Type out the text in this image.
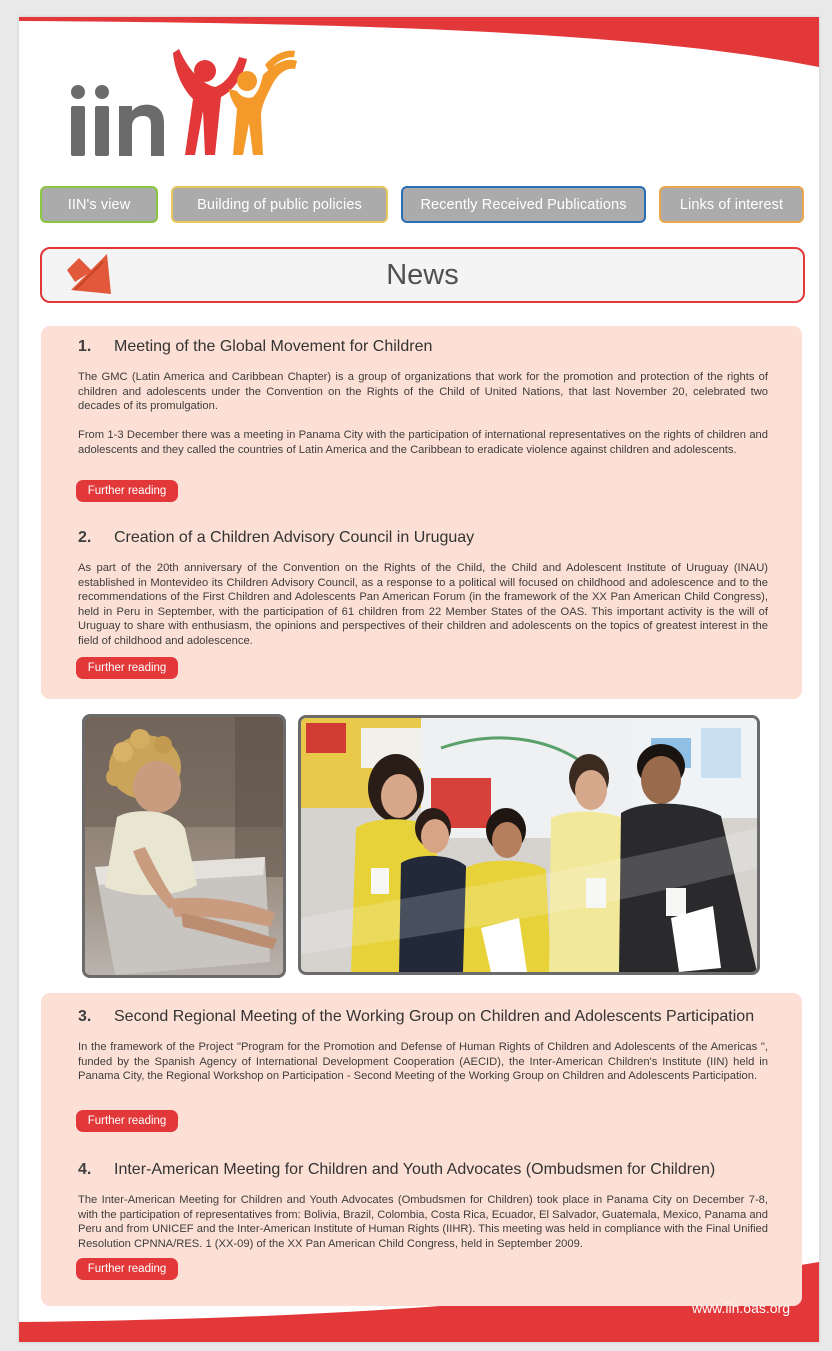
IIN's view	Building of public policies	Recently Received Publications	Links of interest
News
1.	Meeting of the Global Movement for Children

The GMC (Latin America and Caribbean Chapter) is a group of organizations that work for the promotion and protection of the rights of children and adolescents under the Convention on the Rights of the Child of United Nations, that last November 20, celebrated two decades of its promulgation.

From 1-3 December there was a meeting in Panama City with the participation of international representatives on the rights of children and adolescents and they called the countries of Latin America and the Caribbean to eradicate violence against children and adolescents.

Further reading
2.	Creation of a Children Advisory Council in Uruguay

As part of the 20th anniversary of the Convention on the Rights of the Child, the Child and Adolescent Institute of Uruguay (INAU) established in Montevideo its Children Advisory Council, as a response to a political will focused on childhood and adolescence and to the recommendations of the First Children and Adolescents Pan American Forum (in the framework of the XX Pan American Child Congress), held in Peru in September, with the participation of 61 children from 22 Member States of the OAS. This important activity is the will of Uruguay to share with enthusiasm, the opinions and perspectives of their children and adolescents on the topics of greatest interest in the field of childhood and adolescence.

Further reading
3.	Second Regional Meeting of the Working Group on Children and Adolescents Participation

In the framework of the Project "Program for the Promotion and Defense of Human Rights of Children and Adolescents of the Americas ", funded by the Spanish Agency of International Development Cooperation (AECID), the Inter-American Children's Institute (IIN) held in Panama City, the Regional Workshop on Participation - Second Meeting of the Working Group on Children and Adolescents Participation.

Further reading
4.	Inter-American Meeting for Children and Youth Advocates (Ombudsmen for Children)

The Inter-American Meeting for Children and Youth Advocates (Ombudsmen for Children) took place in Panama City on December 7-8, with the participation of representatives from: Bolivia, Brazil, Colombia, Costa Rica, Ecuador, El Salvador, Guatemala, Mexico, Panama and Peru and from UNICEF and the Inter-American Institute of Human Rights (IIHR). This meeting was held in compliance with the Final Unified Resolution CPNNA/RES. 1 (XX-09) of the XX Pan American Child Congress, held in September 2009.

Further reading
www.iin.oas.org
